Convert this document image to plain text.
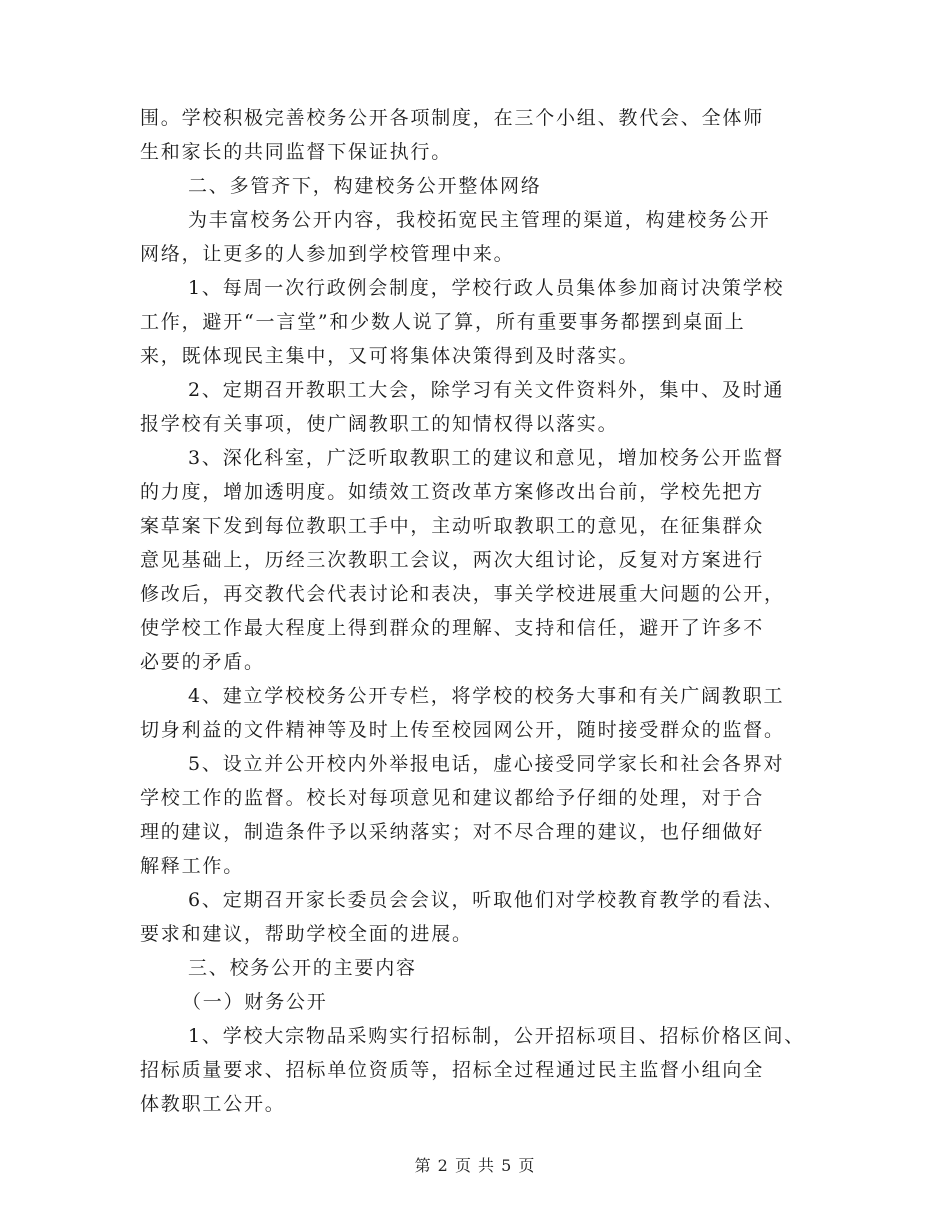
围。学校积极完善校务公开各项制度，在三个小组、教代会、全体师
生和家长的共同监督下保证执行。
二、多管齐下，构建校务公开整体网络
为丰富校务公开内容，我校拓宽民主管理的渠道，构建校务公开
网络，让更多的人参加到学校管理中来。
1、每周一次行政例会制度，学校行政人员集体参加商讨决策学校
工作，避开“一言堂”和少数人说了算，所有重要事务都摆到桌面上
来，既体现民主集中，又可将集体决策得到及时落实。
2、定期召开教职工大会，除学习有关文件资料外，集中、及时通
报学校有关事项，使广阔教职工的知情权得以落实。
3、深化科室，广泛听取教职工的建议和意见，增加校务公开监督
的力度，增加透明度。如绩效工资改革方案修改出台前，学校先把方
案草案下发到每位教职工手中，主动听取教职工的意见，在征集群众
意见基础上，历经三次教职工会议，两次大组讨论，反复对方案进行
修改后，再交教代会代表讨论和表决，事关学校进展重大问题的公开，
使学校工作最大程度上得到群众的理解、支持和信任，避开了许多不
必要的矛盾。
4、建立学校校务公开专栏，将学校的校务大事和有关广阔教职工
切身利益的文件精神等及时上传至校园网公开，随时接受群众的监督。
5、设立并公开校内外举报电话，虚心接受同学家长和社会各界对
学校工作的监督。校长对每项意见和建议都给予仔细的处理，对于合
理的建议，制造条件予以采纳落实；对不尽合理的建议，也仔细做好
解释工作。
6、定期召开家长委员会会议，听取他们对学校教育教学的看法、
要求和建议，帮助学校全面的进展。
三、校务公开的主要内容
（一）财务公开
1、学校大宗物品采购实行招标制，公开招标项目、招标价格区间、
招标质量要求、招标单位资质等，招标全过程通过民主监督小组向全
体教职工公开。
第 2 页 共 5 页
